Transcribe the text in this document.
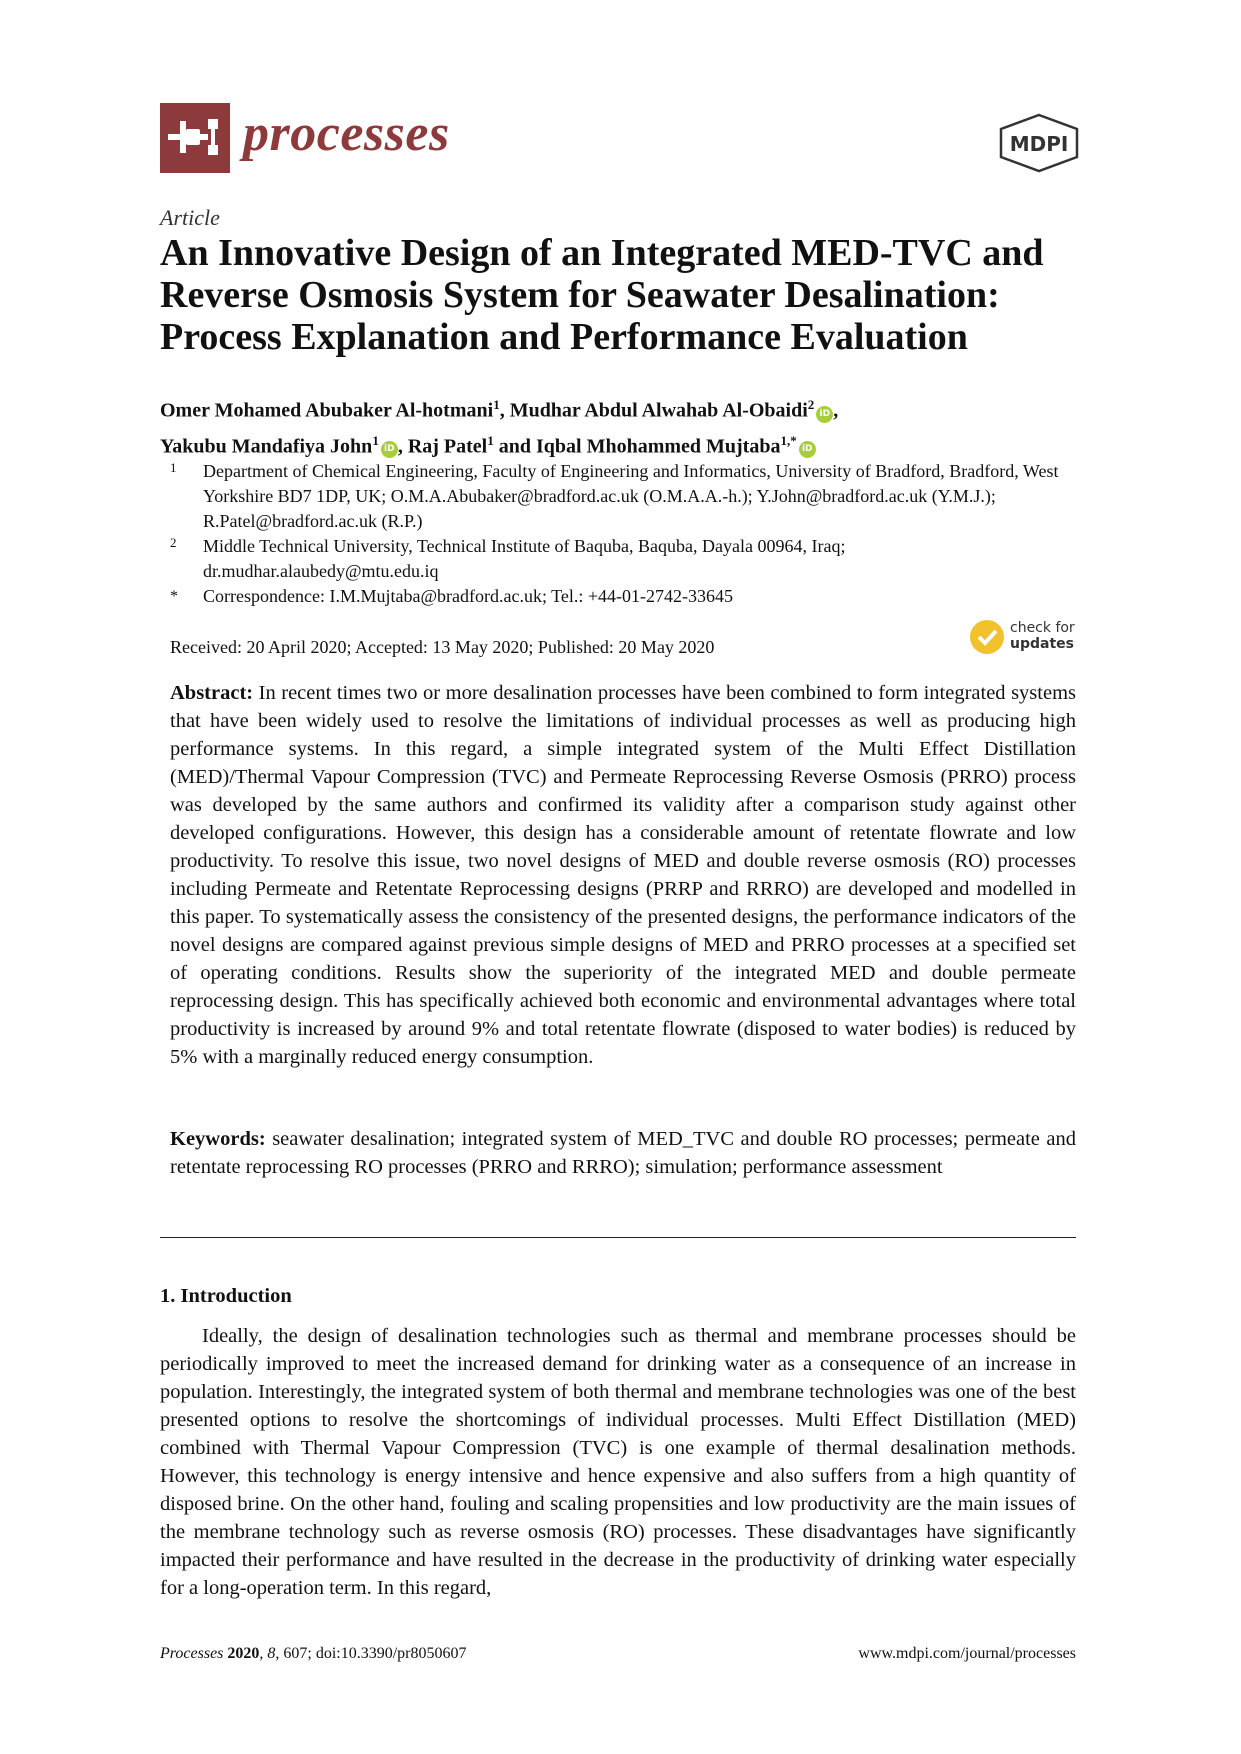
processes	MDPI
Article
An Innovative Design of an Integrated MED-TVC and Reverse Osmosis System for Seawater Desalination: Process Explanation and Performance Evaluation
Omer Mohamed Abubaker Al-hotmani$^1$, Mudhar Abdul Alwahab Al-Obaidi$^2$iD ,
Yakubu Mandafiya John$^1$iD , Raj Patel$^1$ and Iqbal Mhohammed Mujtaba$^{1,*}$iD
1 Department of Chemical Engineering, Faculty of Engineering and Informatics, University of Bradford, Bradford, West Yorkshire BD7 1DP, UK; O.M.A.Abubaker@bradford.ac.uk (O.M.A.A.-h.); Y.John@bradford.ac.uk (Y.M.J.); R.Patel@bradford.ac.uk (R.P.)
2 Middle Technical University, Technical Institute of Baquba, Baquba, Dayala 00964, Iraq; dr.mudhar.alaubedy@mtu.edu.iq
* Correspondence: I.M.Mujtaba@bradford.ac.uk; Tel.: +44-01-2742-33645
Received: 20 April 2020; Accepted: 13 May 2020; Published: 20 May 2020
check for
updates
Abstract: In recent times two or more desalination processes have been combined to form integrated systems that have been widely used to resolve the limitations of individual processes as well as producing high performance systems. In this regard, a simple integrated system of the Multi Effect Distillation (MED)/Thermal Vapour Compression (TVC) and Permeate Reprocessing Reverse Osmosis (PRRO) process was developed by the same authors and confirmed its validity after a comparison study against other developed configurations. However, this design has a considerable amount of retentate flowrate and low productivity. To resolve this issue, two novel designs of MED and double reverse osmosis (RO) processes including Permeate and Retentate Reprocessing designs (PRRP and RRRO) are developed and modelled in this paper. To systematically assess the consistency of the presented designs, the performance indicators of the novel designs are compared against previous simple designs of MED and PRRO processes at a specified set of operating conditions. Results show the superiority of the integrated MED and double permeate reprocessing design. This has specifically achieved both economic and environmental advantages where total productivity is increased by around 9% and total retentate flowrate (disposed to water bodies) is reduced by 5% with a marginally reduced energy consumption.
Keywords: seawater desalination; integrated system of MED_TVC and double RO processes; permeate and retentate reprocessing RO processes (PRRO and RRRO); simulation; performance assessment
1. Introduction
Ideally, the design of desalination technologies such as thermal and membrane processes should be periodically improved to meet the increased demand for drinking water as a consequence of an increase in population. Interestingly, the integrated system of both thermal and membrane technologies was one of the best presented options to resolve the shortcomings of individual processes. Multi Effect Distillation (MED) combined with Thermal Vapour Compression (TVC) is one example of thermal desalination methods. However, this technology is energy intensive and hence expensive and also suffers from a high quantity of disposed brine. On the other hand, fouling and scaling propensities and low productivity are the main issues of the membrane technology such as reverse osmosis (RO) processes. These disadvantages have significantly impacted their performance and have resulted in the decrease in the productivity of drinking water especially for a long-operation term. In this regard,
Processes 2020, 8, 607; doi:10.3390/pr8050607	www.mdpi.com/journal/processes
